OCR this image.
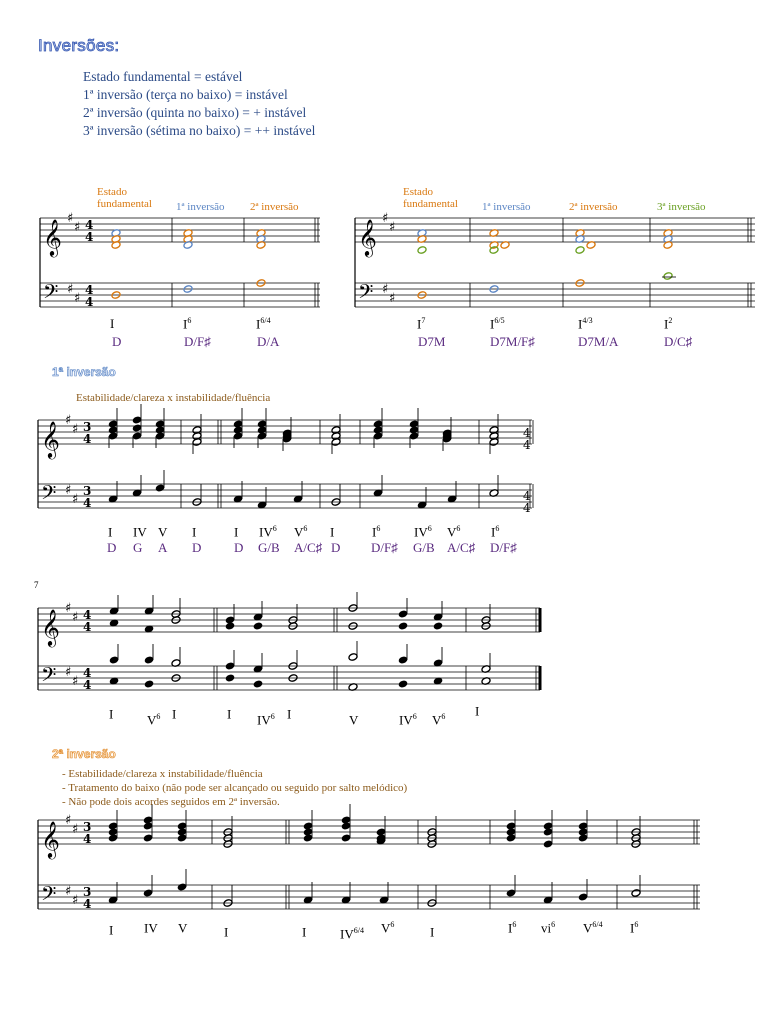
Inversões:
Estado fundamental = estável
1ª inversão (terça no baixo) = instável
2ª inversão (quinta no baixo) = + instável
3ª inversão (sétima no baixo) = ++ instável
Estado
fundamental 1ª inversão 2ª inversão
Estado
fundamental 1ª inversão	2ª inversão	3ª inversão
𝄞
𝄢
♯
♯
♯
♯
4
4
4
4
𝄞
𝄢
♯
♯
♯
♯
𝄞
𝄢
♯
♯
♯
♯
3
4
3
4
4
4
4
4
𝄞
𝄢
♯
♯
♯
♯
4
4
4
4
𝄞
𝄢
♯
♯
♯
♯
3
4
3
4
I	$I^6$	$I^{6/4}$
D	D/F♯	D/A
$I^7$	$I^{6/5}$	$I^{4/3}$	$I^2$
D7M	D7M/F♯	D7M/A	D/C♯
1ª inversão
Estabilidade/clareza x instabilidade/fluência
I IV V I	I $IV^6$ $V^6$ I	$I^6$	$IV^6$ $V^6$ $I^6$
D G A D	D G/B A/C♯ D D/F♯ G/B A/C♯ D/F♯
7
I	$V^6$ I	I $IV^6$ I	V	$IV^6$ $V^6$ I
2ª inversão
- Estabilidade/clareza x instabilidade/fluência
- Tratamento do baixo (não pode ser alcançado ou seguido por salto melódico)
- Não pode dois acordes seguidos em 2ª inversão.
I IV V	I	I	$IV^{6/4}$ $V^6$	I	$I^6$ $vi^6$ $V^{6/4}$ $I^6$
